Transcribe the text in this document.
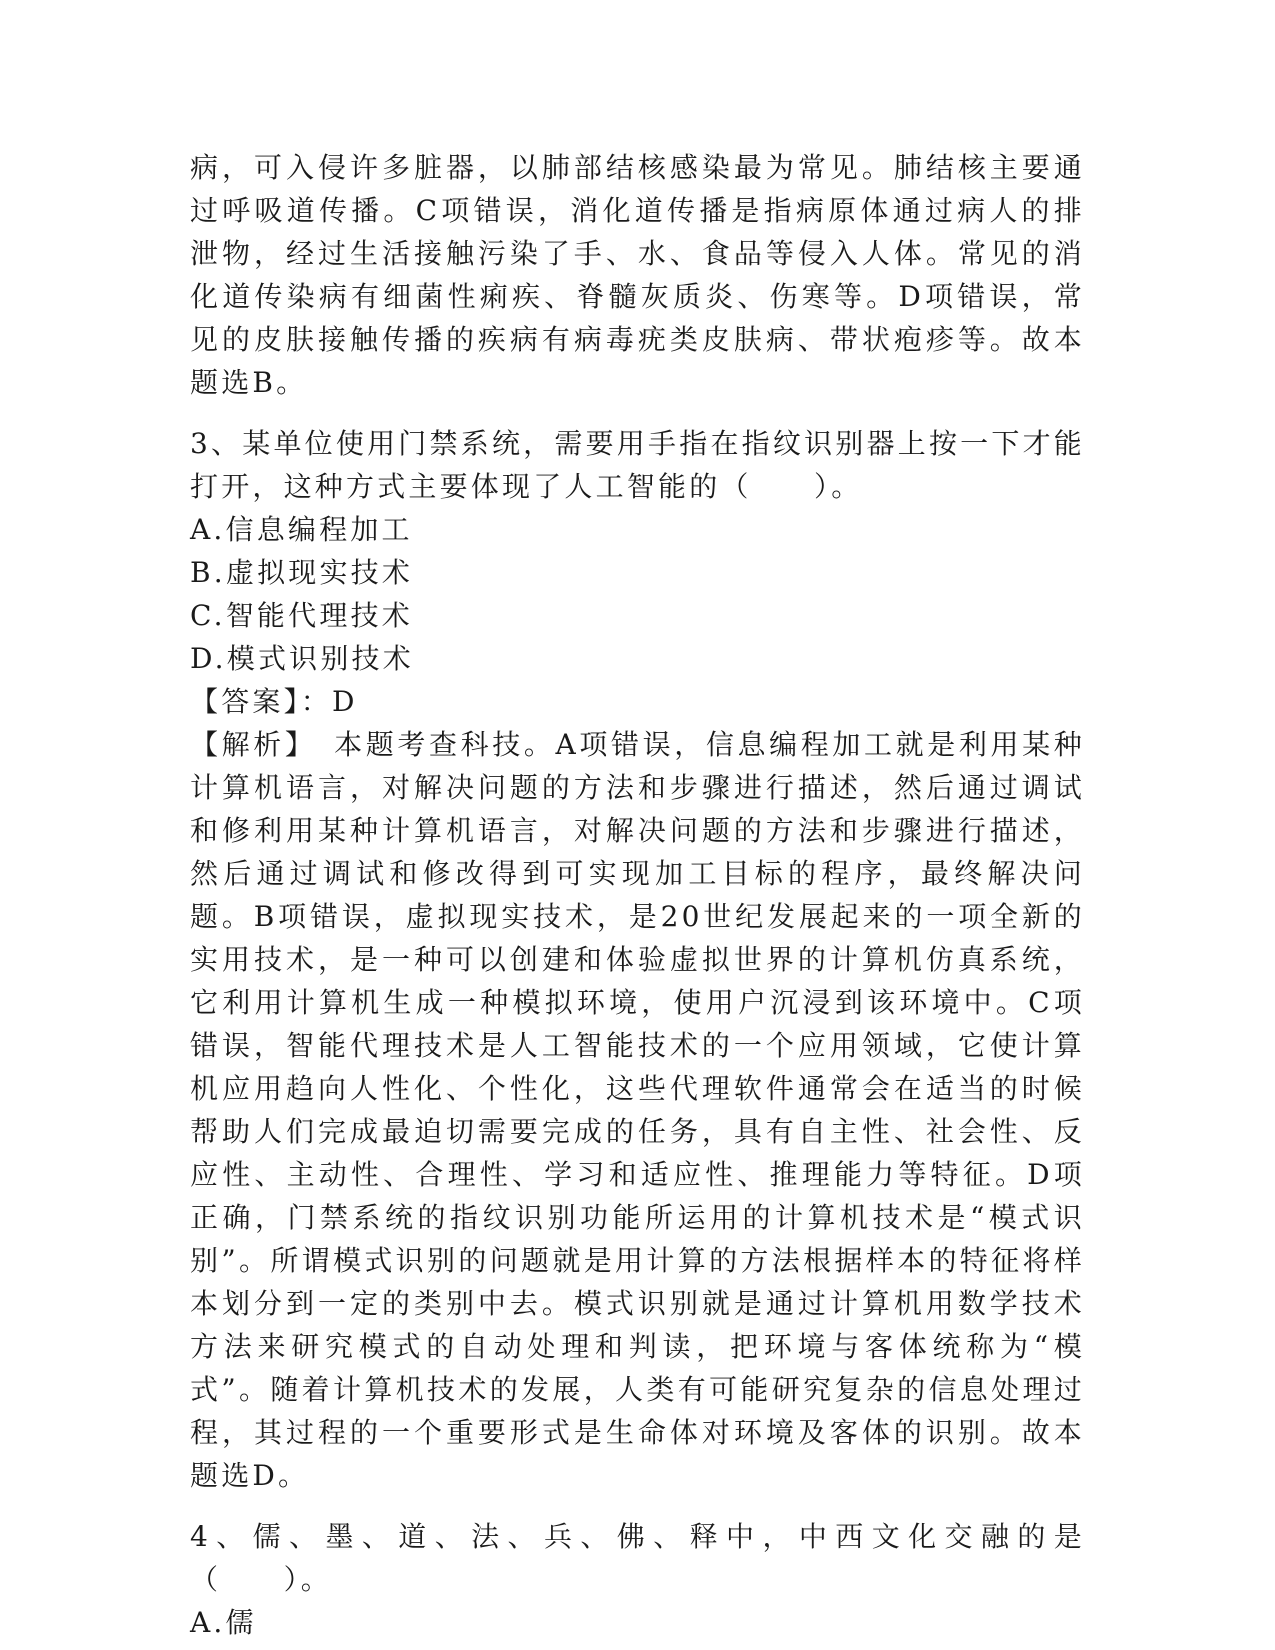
病，可入侵许多脏器，以肺部结核感染最为常见。肺结核主要通过呼吸道传播。C项错误，消化道传播是指病原体通过病人的排泄物，经过生活接触污染了手、水、食品等侵入人体。常见的消化道传染病有细菌性痢疾、脊髓灰质炎、伤寒等。D项错误，常见的皮肤接触传播的疾病有病毒疣类皮肤病、带状疱疹等。故本题选B。

3、某单位使用门禁系统，需要用手指在指纹识别器上按一下才能打开，这种方式主要体现了人工智能的（　　）。

A.信息编程加工

B.虚拟现实技术

C.智能代理技术

D.模式识别技术

【答案】：D

【解析】　本题考查科技。A项错误，信息编程加工就是利用某种计算机语言，对解决问题的方法和步骤进行描述，然后通过调试和修利用某种计算机语言，对解决问题的方法和步骤进行描述，然后通过调试和修改得到可实现加工目标的程序，最终解决问题。B项错误，虚拟现实技术，是20世纪发展起来的一项全新的实用技术，是一种可以创建和体验虚拟世界的计算机仿真系统，它利用计算机生成一种模拟环境，使用户沉浸到该环境中。C项错误，智能代理技术是人工智能技术的一个应用领域，它使计算机应用趋向人性化、个性化，这些代理软件通常会在适当的时候帮助人们完成最迫切需要完成的任务，具有自主性、社会性、反应性、主动性、合理性、学习和适应性、推理能力等特征。D项正确，门禁系统的指纹识别功能所运用的计算机技术是“模式识别”。所谓模式识别的问题就是用计算的方法根据样本的特征将样本划分到一定的类别中去。模式识别就是通过计算机用数学技术方法来研究模式的自动处理和判读，把环境与客体统称为“模式”。随着计算机技术的发展，人类有可能研究复杂的信息处理过程，其过程的一个重要形式是生命体对环境及客体的识别。故本题选D。

4、儒、墨、道、法、兵、佛、释中，中西文化交融的是（　　）。

A.儒
